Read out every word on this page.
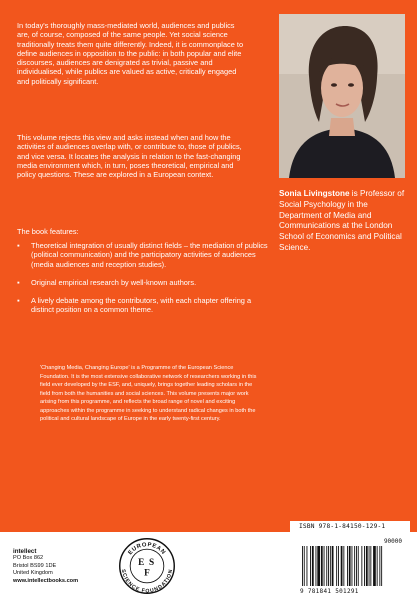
In today's thoroughly mass-mediated world, audiences and publics are, of course, composed of the same people. Yet social science traditionally treats them quite differently. Indeed, it is commonplace to define audiences in opposition to the public: in both popular and elite discourses, audiences are denigrated as trivial, passive and individualised, while publics are valued as active, critically engaged and politically significant.

This volume rejects this view and asks instead when and how the activities of audiences overlap with, or contribute to, those of publics, and vice versa. It locates the analysis in relation to the fast-changing media environment which, in turn, poses theoretical, empirical and policy questions. These are explored in a European context.

The book features:

▪ Theoretical integration of usually distinct fields – the mediation of publics (political communication) and the participatory activities of audiences (media audiences and reception studies).
▪ Original empirical research by well-known authors.
▪ A lively debate among the contributors, with each chapter offering a distinct position on a common theme.

'Changing Media, Changing Europe' is a Programme of the European Science Foundation. It is the most extensive collaborative network of researchers working in this field ever developed by the ESF, and, uniquely, brings together leading scholars in the field from both the humanities and social sciences. This volume presents major work arising from this programme, and reflects the broad range of novel and exciting approaches within the programme in seeking to understand radical changes in both the political and cultural landscape of Europe in the early twenty-first century.

Sonia Livingstone is Professor of Social Psychology in the Department of Media and Communications at the London School of Economics and Political Science.

intellect
PO Box 862
Bristol BS99 1DE
United Kingdom
www.intellectbooks.com
EUROPEAN
SCIENCE FOUNDATION
E S
F
ISBN 978-1-84150-129-1
90000
9 781841 501291
